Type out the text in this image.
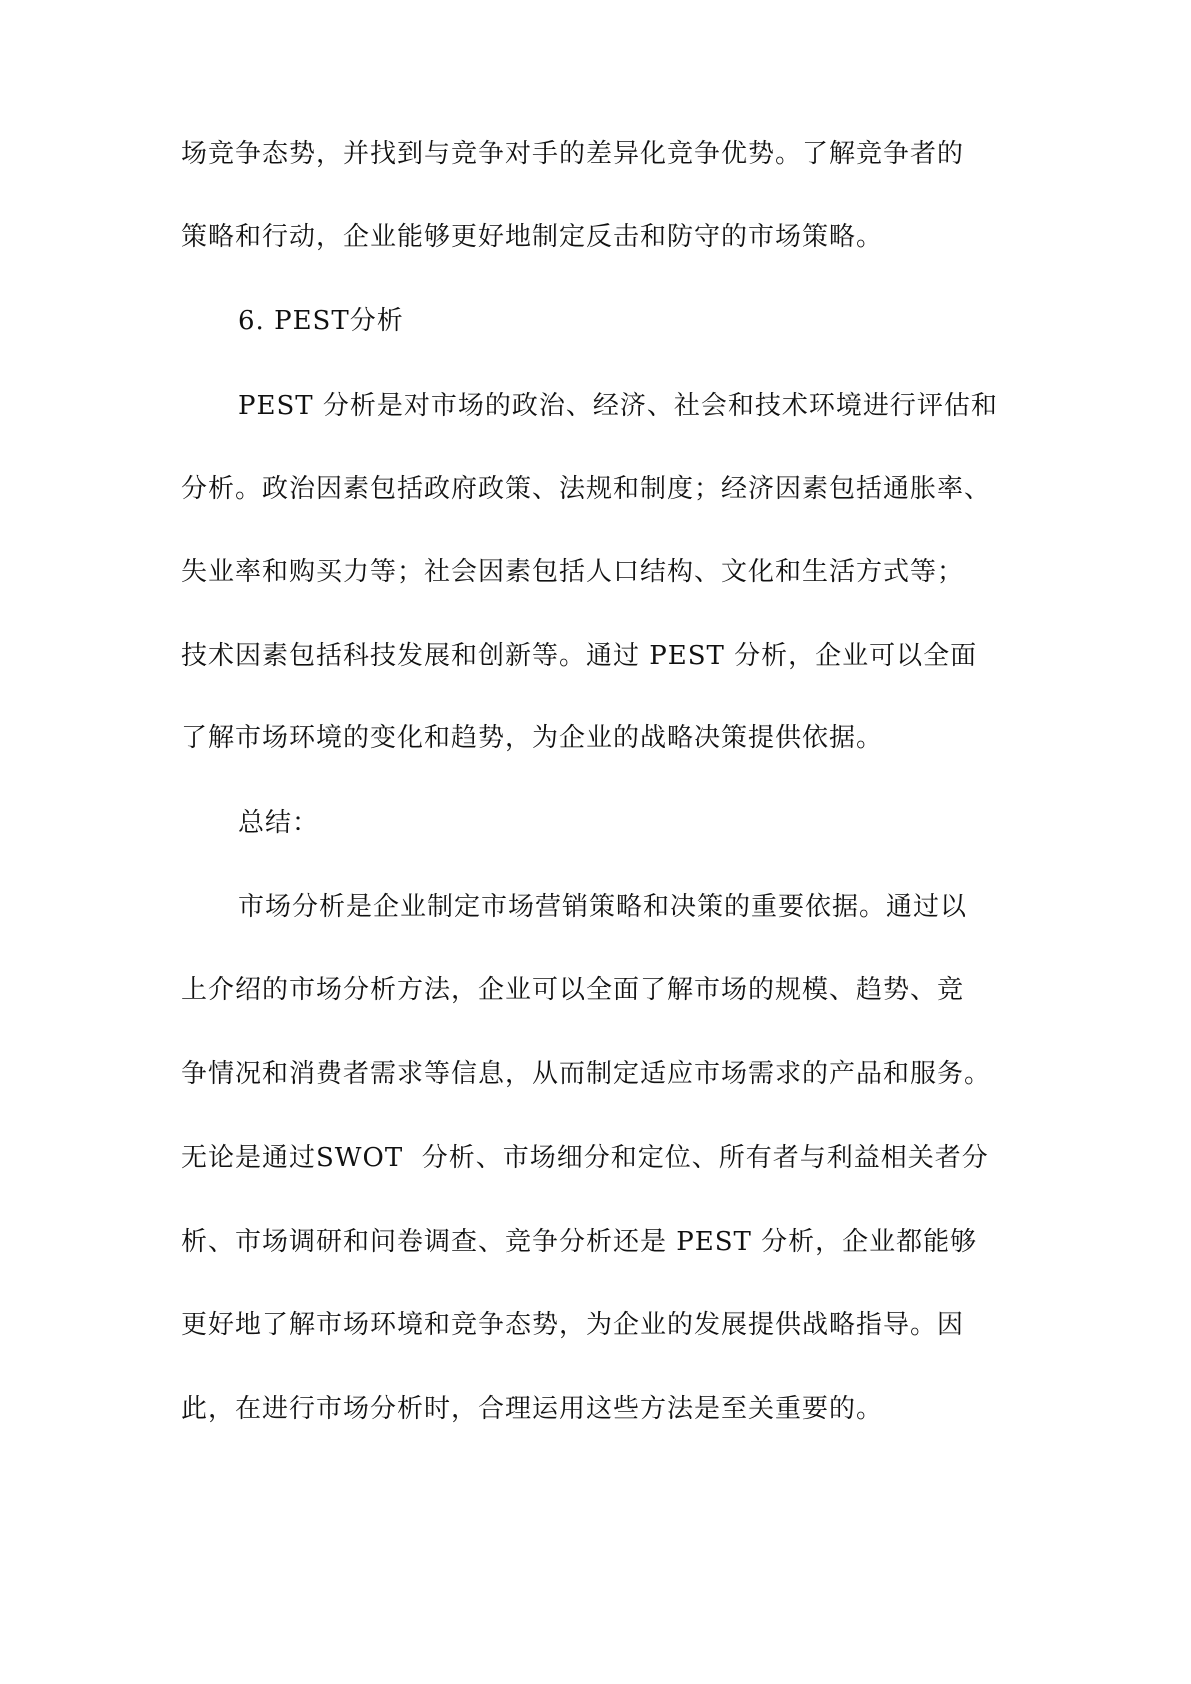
场竞争态势，并找到与竞争对手的差异化竞争优势。了解竞争者的
策略和行动，企业能够更好地制定反击和防守的市场策略。
6. PEST分析
PEST 分析是对市场的政治、经济、社会和技术环境进行评估和
分析。政治因素包括政府政策、法规和制度；经济因素包括通胀率、
失业率和购买力等；社会因素包括人口结构、文化和生活方式等；
技术因素包括科技发展和创新等。通过 PEST 分析，企业可以全面
了解市场环境的变化和趋势，为企业的战略决策提供依据。
总结：
市场分析是企业制定市场营销策略和决策的重要依据。通过以
上介绍的市场分析方法，企业可以全面了解市场的规模、趋势、竞
争情况和消费者需求等信息，从而制定适应市场需求的产品和服务。
无论是通过SWOT  分析、市场细分和定位、所有者与利益相关者分
析、市场调研和问卷调查、竞争分析还是 PEST 分析，企业都能够
更好地了解市场环境和竞争态势，为企业的发展提供战略指导。因
此，在进行市场分析时，合理运用这些方法是至关重要的。
